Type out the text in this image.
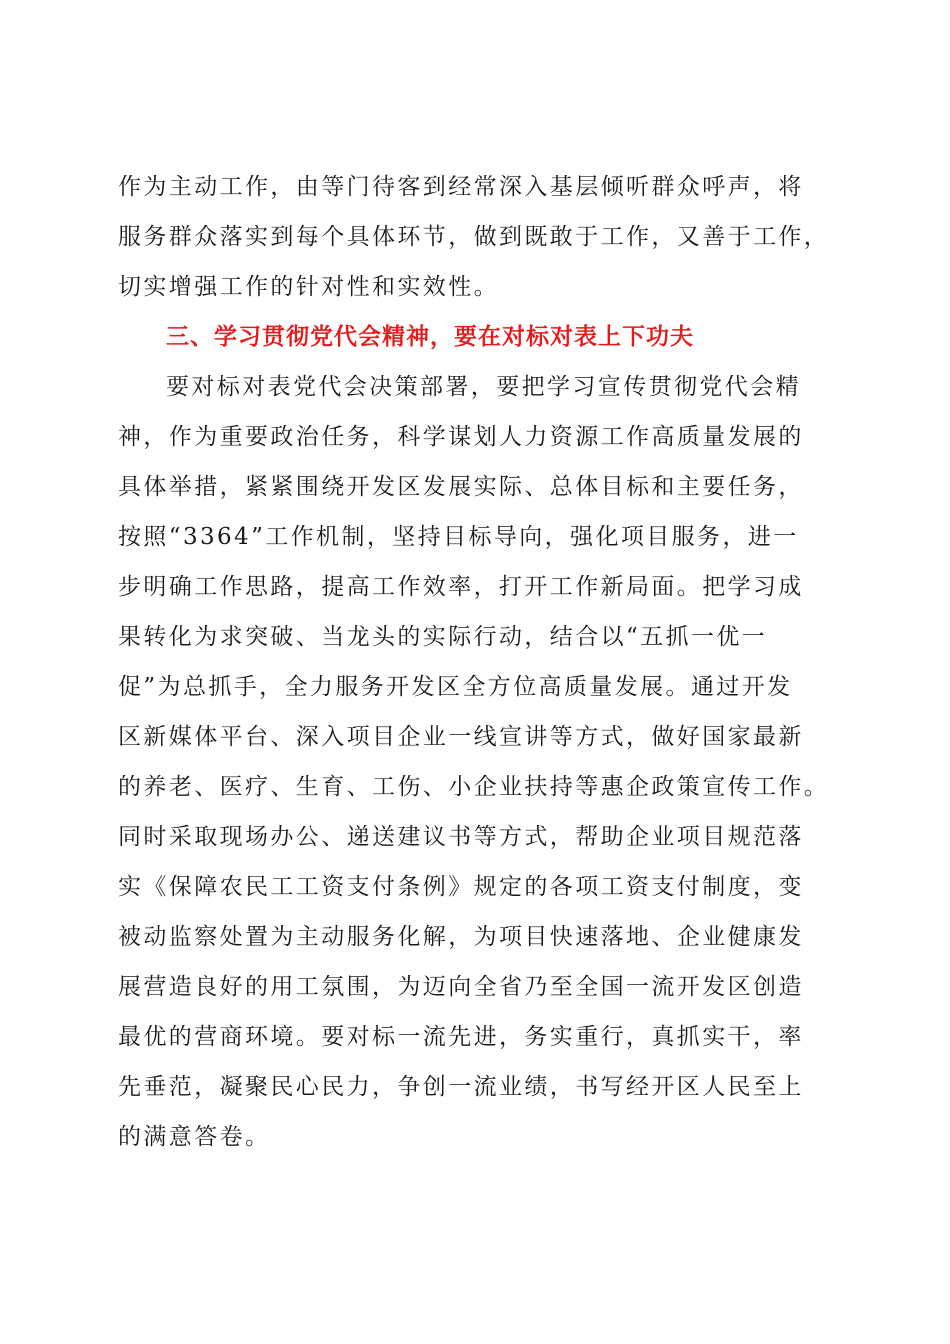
作为主动工作，由等门待客到经常深入基层倾听群众呼声，将
服务群众落实到每个具体环节，做到既敢于工作，又善于工作，
切实增强工作的针对性和实效性。
三、学习贯彻党代会精神，要在对标对表上下功夫
要对标对表党代会决策部署，要把学习宣传贯彻党代会精
神，作为重要政治任务，科学谋划人力资源工作高质量发展的
具体举措，紧紧围绕开发区发展实际、总体目标和主要任务，
按照“3364”工作机制，坚持目标导向，强化项目服务，进一
步明确工作思路，提高工作效率，打开工作新局面。把学习成
果转化为求突破、当龙头的实际行动，结合以“五抓一优一
促”为总抓手，全力服务开发区全方位高质量发展。通过开发
区新媒体平台、深入项目企业一线宣讲等方式，做好国家最新
的养老、医疗、生育、工伤、小企业扶持等惠企政策宣传工作。
同时采取现场办公、递送建议书等方式，帮助企业项目规范落
实《保障农民工工资支付条例》规定的各项工资支付制度，变
被动监察处置为主动服务化解，为项目快速落地、企业健康发
展营造良好的用工氛围，为迈向全省乃至全国一流开发区创造
最优的营商环境。要对标一流先进，务实重行，真抓实干，率
先垂范，凝聚民心民力，争创一流业绩，书写经开区人民至上
的满意答卷。
